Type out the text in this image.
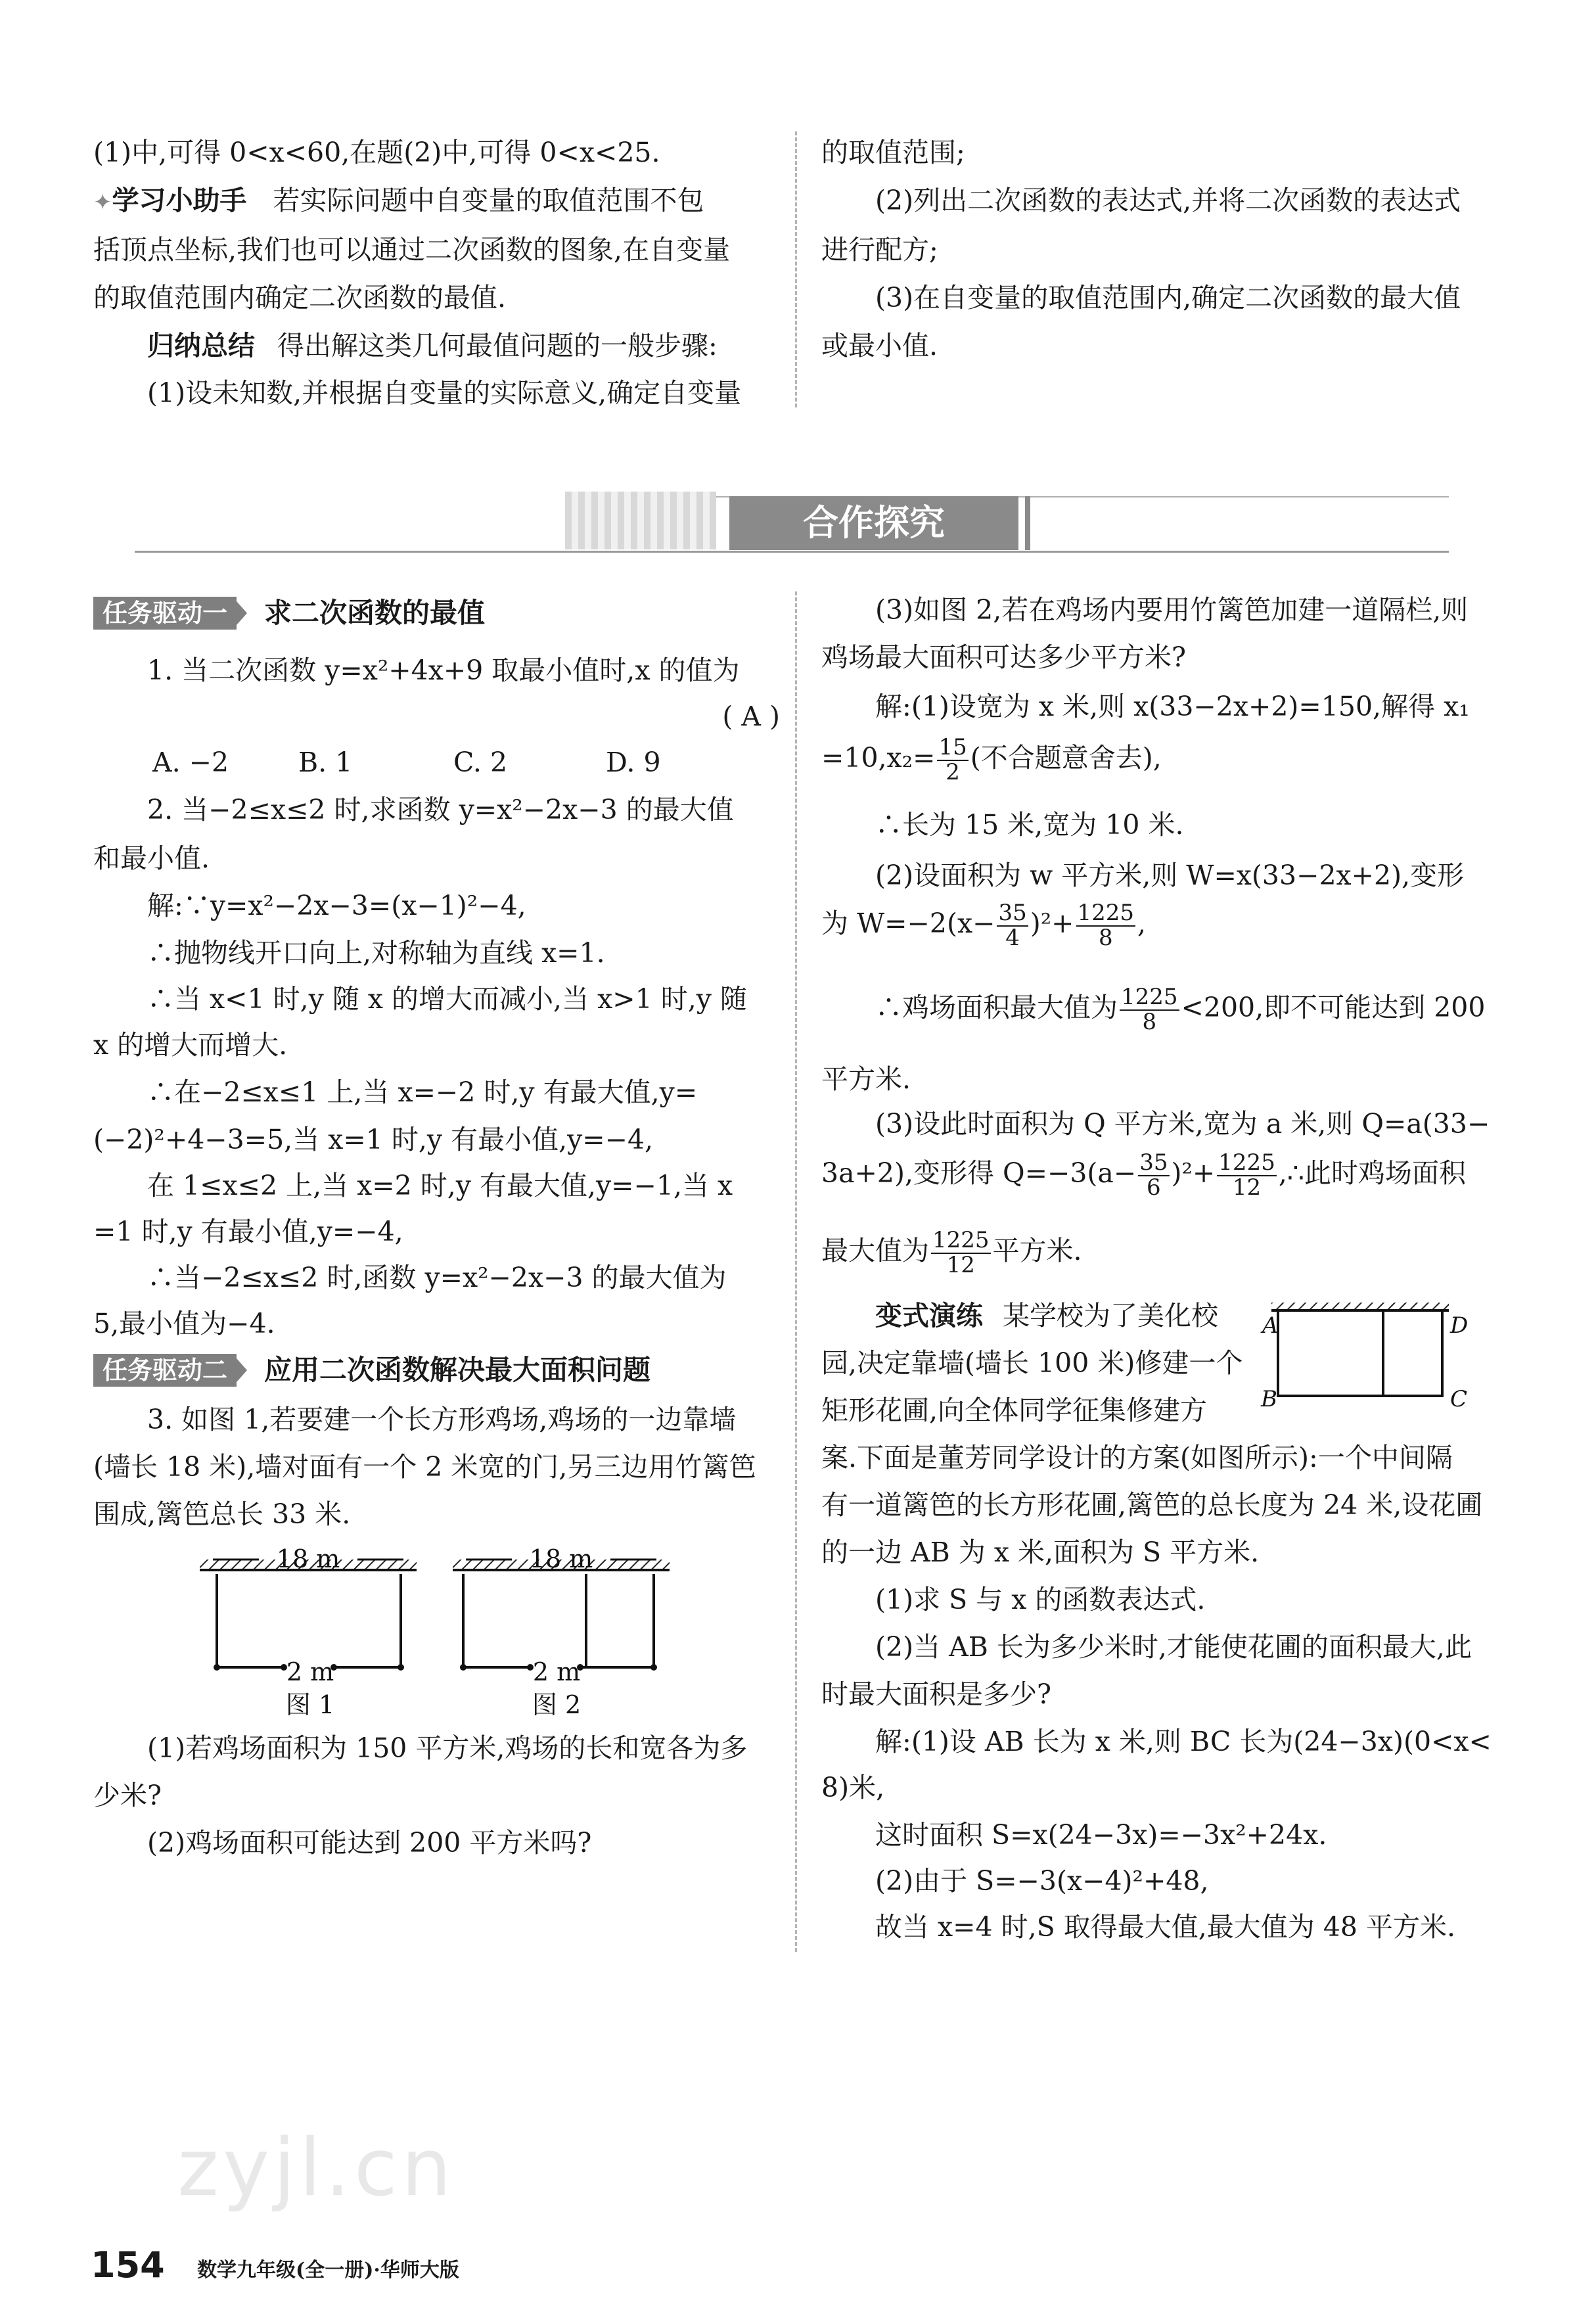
(1)中,可得 0<x<60,在题(2)中,可得 0<x<25.
✦学习小助手 若实际问题中自变量的取值范围不包
括顶点坐标,我们也可以通过二次函数的图象,在自变量
的取值范围内确定二次函数的最值.
归纳总结 得出解这类几何最值问题的一般步骤:
(1)设未知数,并根据自变量的实际意义,确定自变量
的取值范围;
(2)列出二次函数的表达式,并将二次函数的表达式
进行配方;
(3)在自变量的取值范围内,确定二次函数的最大值
或最小值.
合作探究
任务驱动一 求二次函数的最值
1. 当二次函数 y=x²+4x+9 取最小值时,x 的值为
( A )
A. −2	B. 1	C. 2	D. 9
2. 当−2≤x≤2 时,求函数 y=x²−2x−3 的最大值
和最小值.
解:∵y=x²−2x−3=(x−1)²−4,
∴抛物线开口向上,对称轴为直线 x=1.
∴当 x<1 时,y 随 x 的增大而减小,当 x>1 时,y 随
x 的增大而增大.
∴在−2≤x≤1 上,当 x=−2 时,y 有最大值,y=
(−2)²+4−3=5,当 x=1 时,y 有最小值,y=−4,
在 1≤x≤2 上,当 x=2 时,y 有最大值,y=−1,当 x
=1 时,y 有最小值,y=−4,
∴当−2≤x≤2 时,函数 y=x²−2x−3 的最大值为
5,最小值为−4.
任务驱动二 应用二次函数解决最大面积问题
3. 如图 1,若要建一个长方形鸡场,鸡场的一边靠墙
(墙长 18 米),墙对面有一个 2 米宽的门,另三边用竹篱笆
围成,篱笆总长 33 米.
18 m
2 m
图 1
18 m
2 m
图 2
(1)若鸡场面积为 150 平方米,鸡场的长和宽各为多
少米?
(2)鸡场面积可能达到 200 平方米吗?
(3)如图 2,若在鸡场内要用竹篱笆加建一道隔栏,则
鸡场最大面积可达多少平方米?
解:(1)设宽为 x 米,则 x(33−2x+2)=150,解得 x₁
$=10,x_2= \frac{15}{2}$ (不合题意舍去),
∴长为 15 米,宽为 10 米.
(2)设面积为 w 平方米,则 W=x(33−2x+2),变形
为 $W=-2(x- \frac{35}{4} )^2+ \frac{1225}{8}$ ,
∴鸡场面积最大值为 $\frac{1225}{8} <200$,即不可能达到 200
平方米.
(3)设此时面积为 Q 平方米,宽为 a 米,则 Q=a(33−
3a+2),变形得 $Q=-3(a- \frac{35}{6} )^2+ \frac{1225}{12}$ ,∴此时鸡场面积
最大值为 $\frac{1225}{12}$ 平方米.
变式演练 某学校为了美化校
园,决定靠墙(墙长 100 米)修建一个
矩形花圃,向全体同学征集修建方
案.下面是董芳同学设计的方案(如图所示):一个中间隔
有一道篱笆的长方形花圃,篱笆的总长度为 24 米,设花圃
的一边 AB 为 x 米,面积为 S 平方米.
(1)求 S 与 x 的函数表达式.
(2)当 AB 长为多少米时,才能使花圃的面积最大,此
时最大面积是多少?
解:(1)设 AB 长为 x 米,则 BC 长为(24−3x)(0<x<
8)米,
这时面积 S=x(24−3x)=−3x²+24x.
(2)由于 S=−3(x−4)²+48,
故当 x=4 时,S 取得最大值,最大值为 48 平方米.
A
B
D
C
zyjl.cn
154 数学九年级(全一册)·华师大版
